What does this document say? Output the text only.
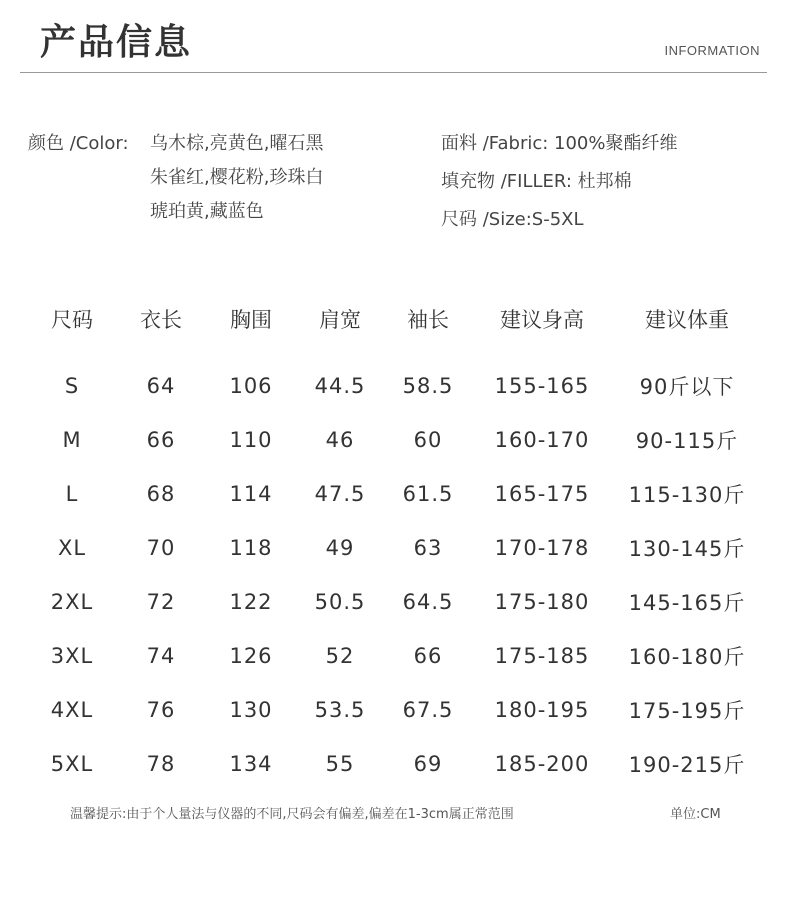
产品信息	INFORMATION
颜色 /Color: 乌木棕,亮黄色,曜石黑
朱雀红,樱花粉,珍珠白
琥珀黄,藏蓝色
面料 /Fabric: 100%聚酯纤维
填充物 /FILLER: 杜邦棉
尺码 /Size:S-5XL
尺码	衣长	胸围	肩宽	袖长	建议身高	建议体重
S	64	106	44.5	58.5	155-165	90斤以下
M	66	110	46	60	160-170	90-115斤
L	68	114	47.5	61.5	165-175	115-130斤
XL	70	118	49	63	170-178	130-145斤
2XL	72	122	50.5	64.5	175-180	145-165斤
3XL	74	126	52	66	175-185	160-180斤
4XL	76	130	53.5	67.5	180-195	175-195斤
5XL	78	134	55	69	185-200	190-215斤
温馨提示:由于个人量法与仪器的不同,尺码会有偏差,偏差在1-3cm属正常范围	单位:CM
